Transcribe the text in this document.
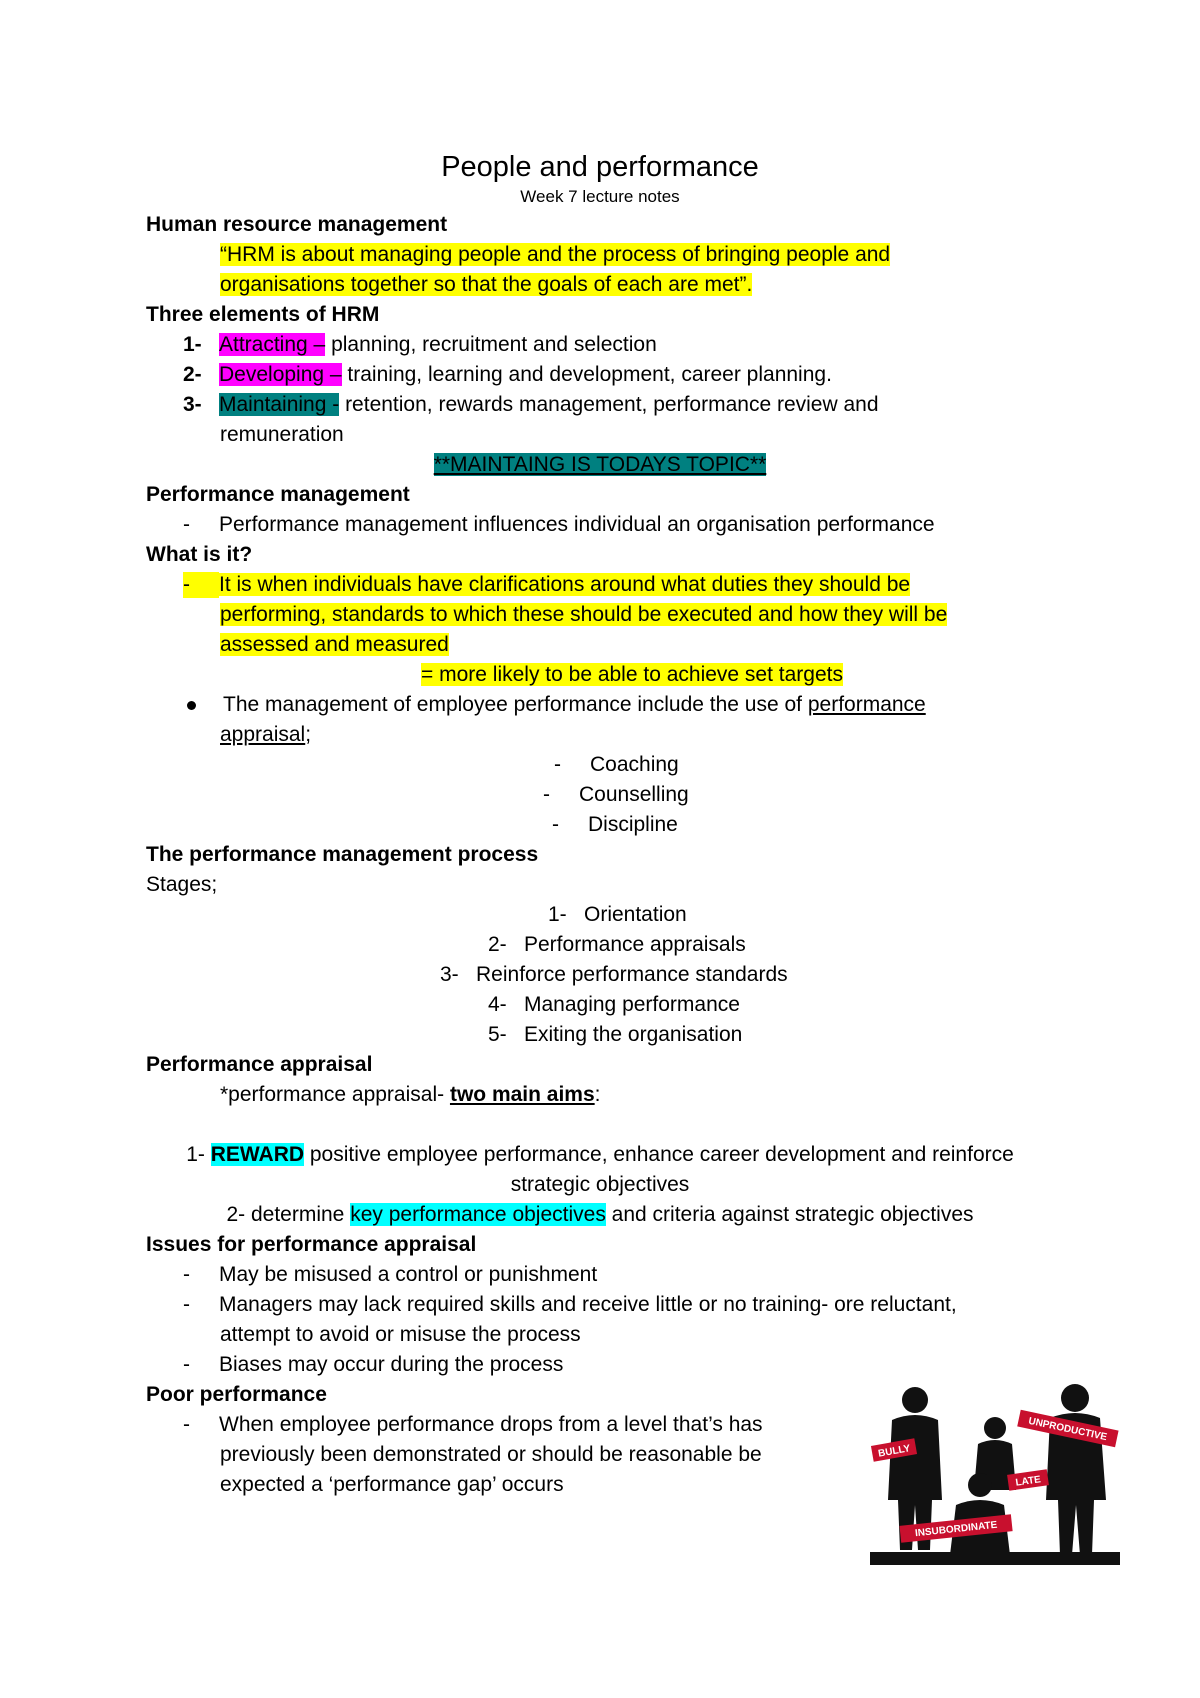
People and performance
Week 7 lecture notes
Human resource management
“HRM is about managing people and the process of bringing people and
organisations together so that the goals of each are met”.
Three elements of HRM
1- Attracting – planning, recruitment and selection
2- Developing – training, learning and development, career planning.
3- Maintaining - retention, rewards management, performance review and
remuneration
**MAINTAING IS TODAYS TOPIC**
Performance management
- Performance management influences individual an organisation performance
What is it?
- It is when individuals have clarifications around what duties they should be
performing, standards to which these should be executed and how they will be
assessed and measured
= more likely to be able to achieve set targets
The management of employee performance include the use of performance
appraisal;
- Coaching
- Counselling
- Discipline
The performance management process
Stages;
1- Orientation
2- Performance appraisals
3- Reinforce performance standards
4- Managing performance
5- Exiting the organisation
Performance appraisal
*performance appraisal- two main aims:
1- REWARD positive employee performance, enhance career development and reinforce
strategic objectives
2- determine key performance objectives and criteria against strategic objectives
Issues for performance appraisal
- May be misused a control or punishment
- Managers may lack required skills and receive little or no training- ore reluctant,
attempt to avoid or misuse the process
- Biases may occur during the process
Poor performance
- When employee performance drops from a level that’s has
previously been demonstrated or should be reasonable be
expected a ‘performance gap’ occurs
BULLY
UNPRODUCTIVE
LATE
INSUBORDINATE
